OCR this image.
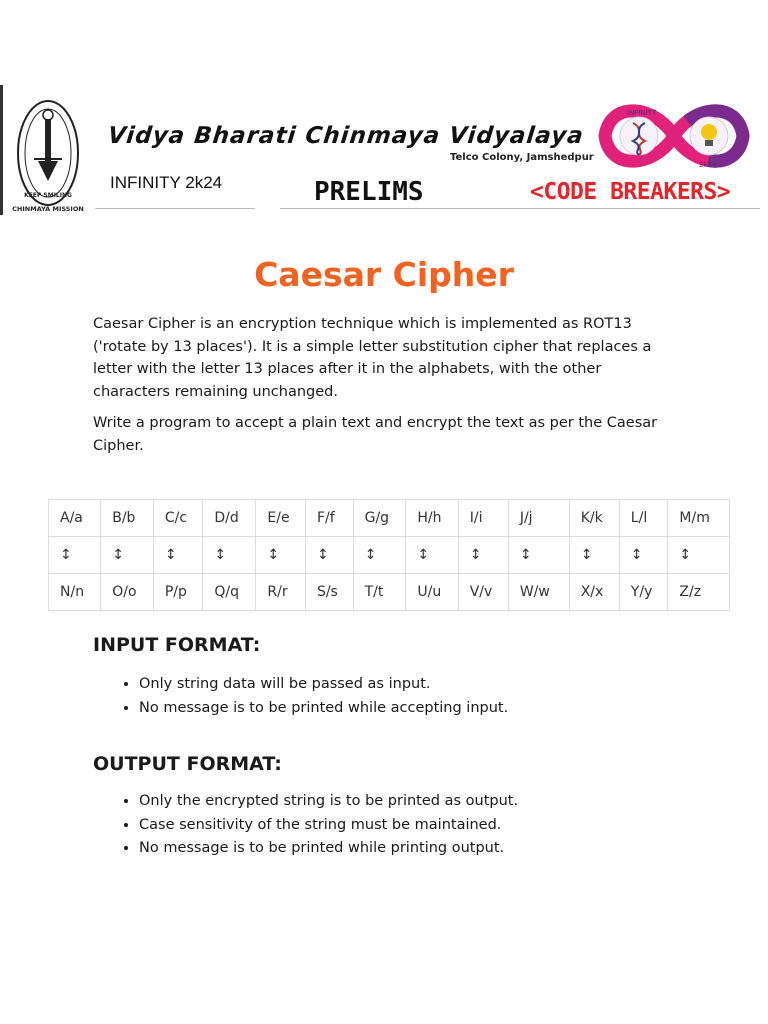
KEEP SMILING
CHINMAYA MISSION
Vidya Bharati Chinmaya Vidyalaya
Telco Colony, Jamshedpur
INFINITY 2k24	PRELIMS	<CODE BREAKERS>
INFINITY
2k24
Caesar Cipher

Caesar Cipher is an encryption technique which is implemented as ROT13 ('rotate by 13 places'). It is a simple letter substitution cipher that replaces a letter with the letter 13 places after it in the alphabets, with the other characters remaining unchanged.

Write a program to accept a plain text and encrypt the text as per the Caesar Cipher.

A/a	B/b	C/c	D/d	E/e	F/f	G/g	H/h	I/i	J/j	K/k	L/l	M/m
↕	↕	↕	↕	↕	↕	↕	↕	↕	↕	↕	↕	↕
N/n	O/o	P/p	Q/q	R/r	S/s	T/t	U/u	V/v	W/w	X/x	Y/y	Z/z
INPUT FORMAT:
• Only string data will be passed as input.
• No message is to be printed while accepting input.
OUTPUT FORMAT:
• Only the encrypted string is to be printed as output.
• Case sensitivity of the string must be maintained.
• No message is to be printed while printing output.
